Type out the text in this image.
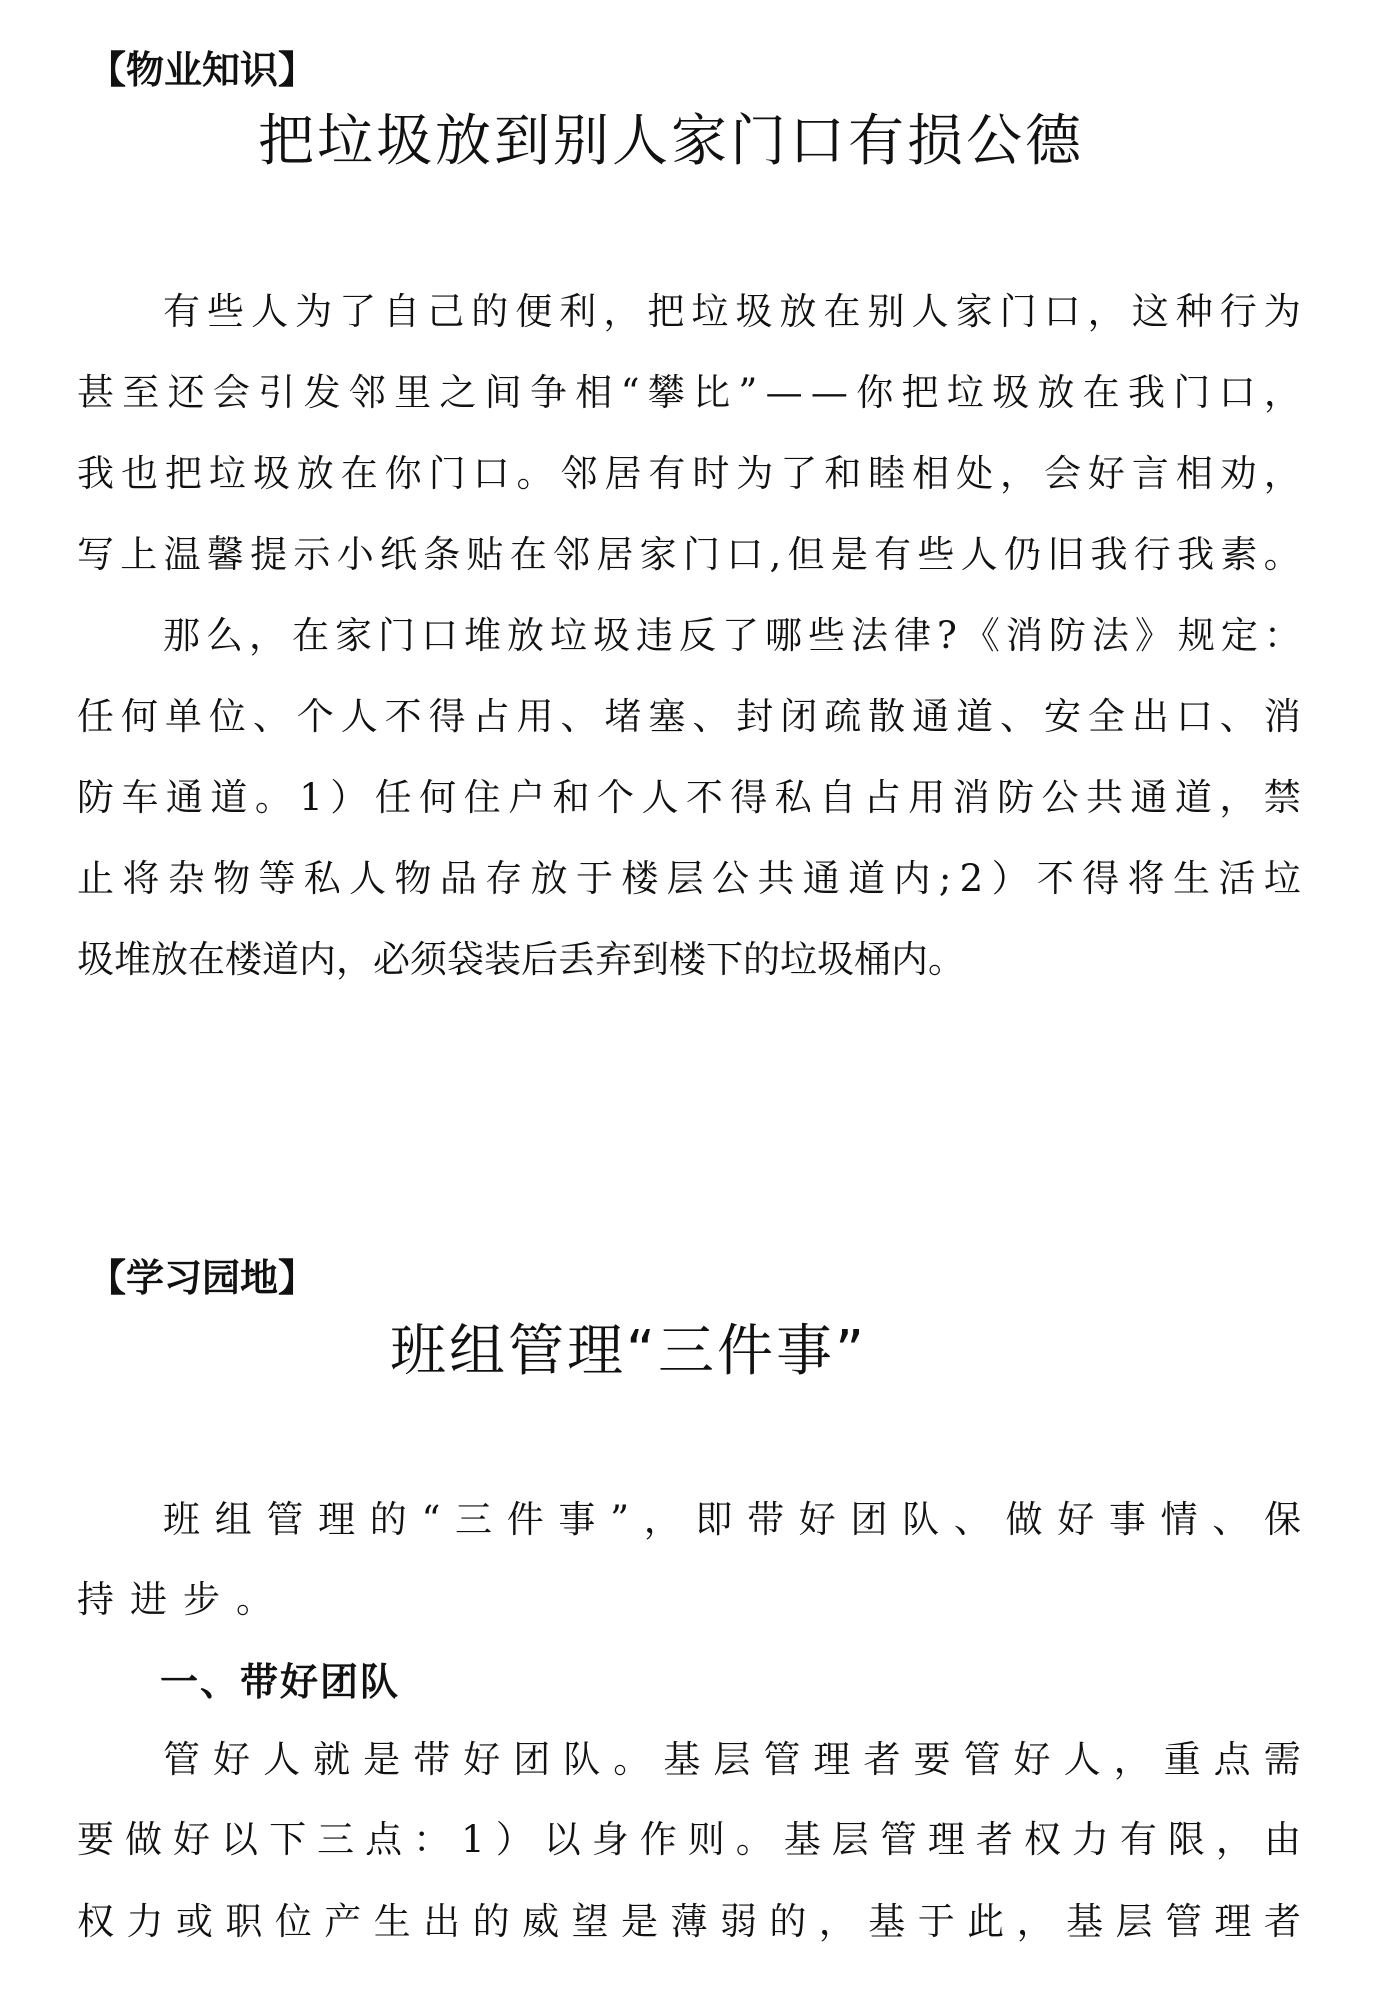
【物业知识】
把垃圾放到别人家门口有损公德
有 些 人 为 了 自 己 的 便 利 ， 把 垃 圾 放 在 别 人 家 门 口 ， 这 种 行 为
甚 至 还 会 引 发 邻 里 之 间 争 相 “ 攀 比 ” — — 你 把 垃 圾 放 在 我 门 口 ，
我 也 把 垃 圾 放 在 你 门 口 。 邻 居 有 时 为 了 和 睦 相 处 ， 会 好 言 相 劝 ，
写 上 温 馨 提 示 小 纸 条 贴 在 邻 居 家 门 口 , 但 是 有 些 人 仍 旧 我 行 我 素 。
那 么 ， 在 家 门 口 堆 放 垃 圾 违 反 了 哪 些 法 律 ? 《 消 防 法 》 规 定 ：
任 何 单 位 、 个 人 不 得 占 用 、 堵 塞 、 封 闭 疏 散 通 道 、 安 全 出 口 、 消
防 车 通 道 。 1 ） 任 何 住 户 和 个 人 不 得 私 自 占 用 消 防 公 共 通 道 ， 禁
止 将 杂 物 等 私 人 物 品 存 放 于 楼 层 公 共 通 道 内 ; 2 ） 不 得 将 生 活 垃
圾堆放在楼道内，必须袋装后丢弃到楼下的垃圾桶内。
【学习园地】
班组管理“三件事”
班 组 管 理 的 “ 三 件 事 ” ， 即 带 好 团 队 、 做 好 事 情 、 保
持进步。
一、带好团队
管 好 人 就 是 带 好 团 队 。 基 层 管 理 者 要 管 好 人 ， 重 点 需
要 做 好 以 下 三 点 ： 1 ） 以 身 作 则 。 基 层 管 理 者 权 力 有 限 ， 由
权 力 或 职 位 产 生 出 的 威 望 是 薄 弱 的 ， 基 于 此 ， 基 层 管 理 者
